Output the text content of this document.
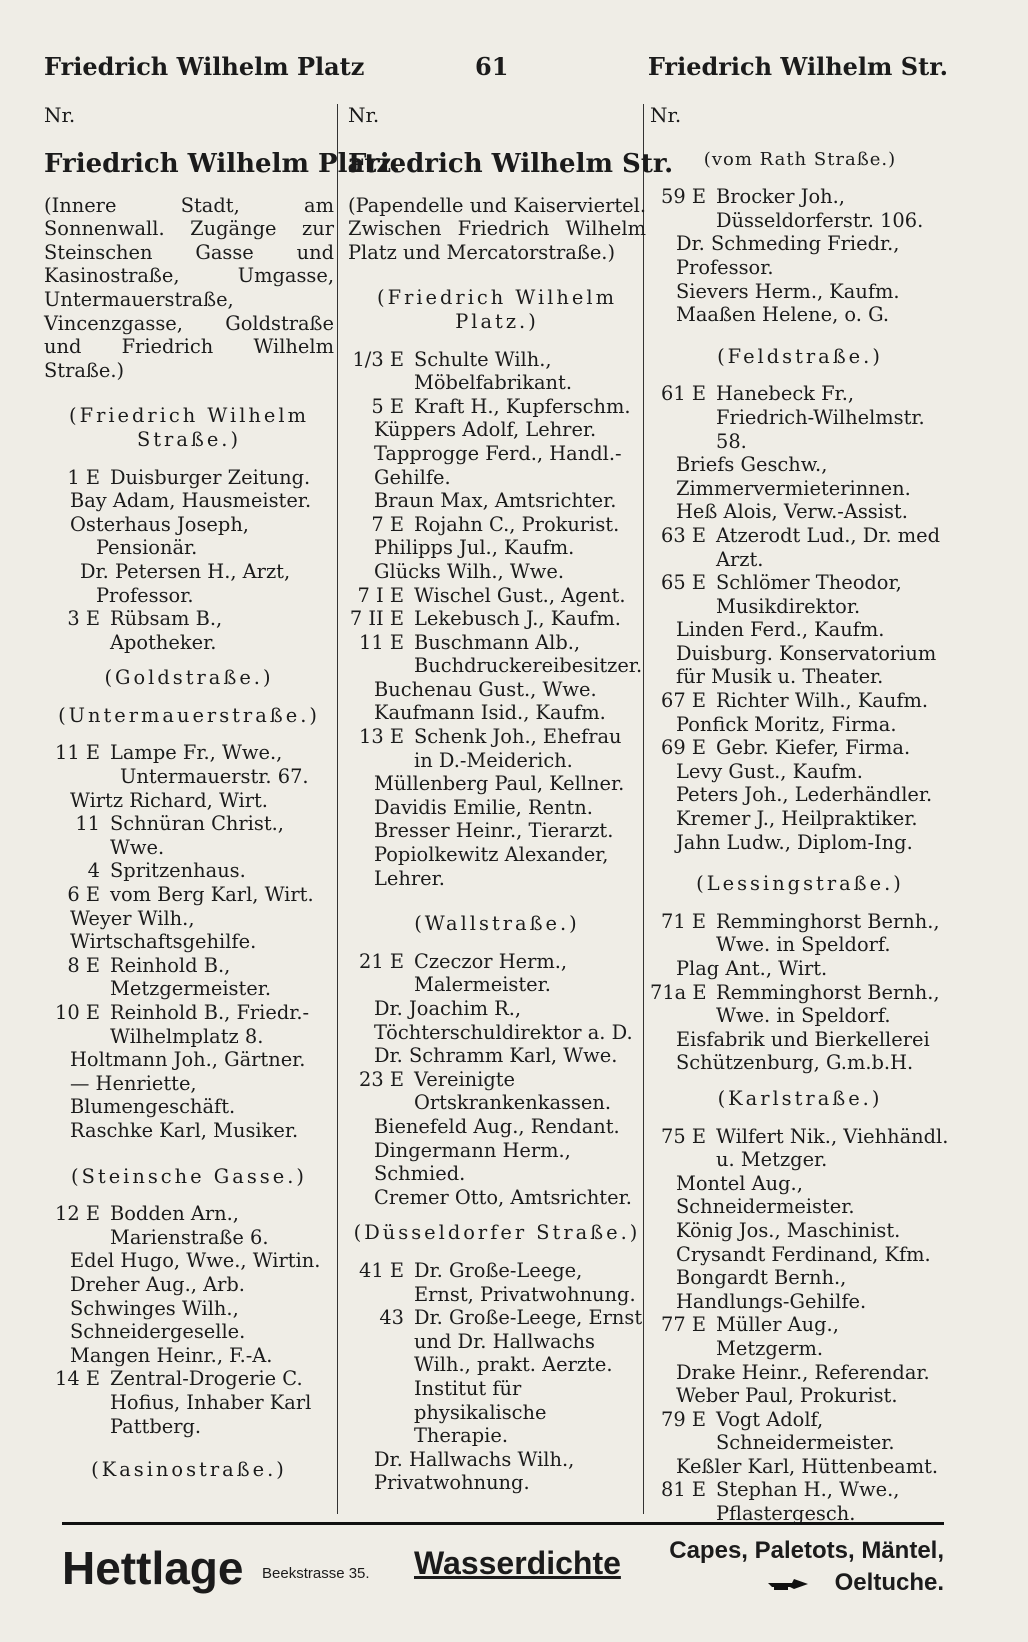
Friedrich Wilhelm Platz	61	Friedrich Wilhelm Str.
Nr.
Friedrich Wilhelm Platz.
(Innere Stadt, am Sonnenwall. Zugänge zur Steinschen Gasse und Kasinostraße, Umgasse, Untermauerstraße, Vincenzgasse, Goldstraße und Friedrich Wilhelm Straße.)
(Friedrich Wilhelm Straße.)
1 E Duisburger Zeitung.
Bay Adam, Hausmeister.
Osterhaus Joseph,
Pensionär.
Dr. Petersen H., Arzt,
Professor.
3 E Rübsam B., Apotheker.
(Goldstraße.)
(Untermauerstraße.)
11 E Lampe Fr., Wwe.,
Untermauerstr. 67.
Wirtz Richard, Wirt.
11 Schnüran Christ., Wwe.
4 Spritzenhaus.
6 E vom Berg Karl, Wirt.
Weyer Wilh., Wirtschaftsgehilfe.
8 E Reinhold B., Metzgermeister.
10 E Reinhold B., Friedr.-Wilhelmplatz 8.
Holtmann Joh., Gärtner.
— Henriette, Blumengeschäft.
Raschke Karl, Musiker.
(Steinsche Gasse.)
12 E Bodden Arn., Marienstraße 6.
Edel Hugo, Wwe., Wirtin.
Dreher Aug., Arb.
Schwinges Wilh., Schneidergeselle.
Mangen Heinr., F.-A.
14 E Zentral-Drogerie C. Hofius, Inhaber Karl Pattberg.
(Kasinostraße.)
Nr.
Friedrich Wilhelm Str.
(Papendelle und Kaiserviertel. Zwischen Friedrich Wilhelm Platz und Mercatorstraße.)
(Friedrich Wilhelm Platz.)
1/3 E Schulte Wilh., Möbelfabrikant.
5 E Kraft H., Kupferschm.
Küppers Adolf, Lehrer.
Tapprogge Ferd., Handl.-Gehilfe.
Braun Max, Amtsrichter.
7 E Rojahn C., Prokurist.
Philipps Jul., Kaufm.
Glücks Wilh., Wwe.
7 I E Wischel Gust., Agent.
7 II E Lekebusch J., Kaufm.
11 E Buschmann Alb., Buchdruckereibesitzer.
Buchenau Gust., Wwe.
Kaufmann Isid., Kaufm.
13 E Schenk Joh., Ehefrau in D.-Meiderich.
Müllenberg Paul, Kellner.
Davidis Emilie, Rentn.
Bresser Heinr., Tierarzt.
Popiolkewitz Alexander, Lehrer.
(Wallstraße.)
21 E Czeczor Herm., Malermeister.
Dr. Joachim R., Töchterschuldirektor a. D.
Dr. Schramm Karl, Wwe.
23 E Vereinigte Ortskrankenkassen.
Bienefeld Aug., Rendant.
Dingermann Herm., Schmied.
Cremer Otto, Amtsrichter.
(Düsseldorfer Straße.)
41 E Dr. Große-Leege, Ernst, Privatwohnung.
43 Dr. Große-Leege, Ernst und Dr. Hallwachs Wilh., prakt. Aerzte. Institut für physikalische Therapie.
Dr. Hallwachs Wilh., Privatwohnung.
Nr.
(vom Rath Straße.)
59 E Brocker Joh., Düsseldorferstr. 106.
Dr. Schmeding Friedr., Professor.
Sievers Herm., Kaufm.
Maaßen Helene, o. G.
(Feldstraße.)
61 E Hanebeck Fr., Friedrich-Wilhelmstr. 58.
Briefs Geschw., Zimmervermieterinnen.
Heß Alois, Verw.-Assist.
63 E Atzerodt Lud., Dr. med Arzt.
65 E Schlömer Theodor, Musikdirektor.
Linden Ferd., Kaufm.
Duisburg. Konservatorium für Musik u. Theater.
67 E Richter Wilh., Kaufm.
Ponfick Moritz, Firma.
69 E Gebr. Kiefer, Firma.
Levy Gust., Kaufm.
Peters Joh., Lederhändler.
Kremer J., Heilpraktiker.
Jahn Ludw., Diplom-Ing.
(Lessingstraße.)
71 E Remminghorst Bernh., Wwe. in Speldorf.
Plag Ant., Wirt.
71a E Remminghorst Bernh., Wwe. in Speldorf.
Eisfabrik und Bierkellerei Schützenburg, G.m.b.H.
(Karlstraße.)
75 E Wilfert Nik., Viehhändl. u. Metzger.
Montel Aug., Schneidermeister.
König Jos., Maschinist.
Crysandt Ferdinand, Kfm.
Bongardt Bernh., Handlungs-Gehilfe.
77 E Müller Aug., Metzgerm.
Drake Heinr., Referendar.
Weber Paul, Prokurist.
79 E Vogt Adolf, Schneidermeister.
Keßler Karl, Hüttenbeamt.
81 E Stephan H., Wwe., Pflastergesch.
Hettlage Beekstrasse 35. Wasserdichte Capes, Paletots, Mäntel,
Oeltuche.
